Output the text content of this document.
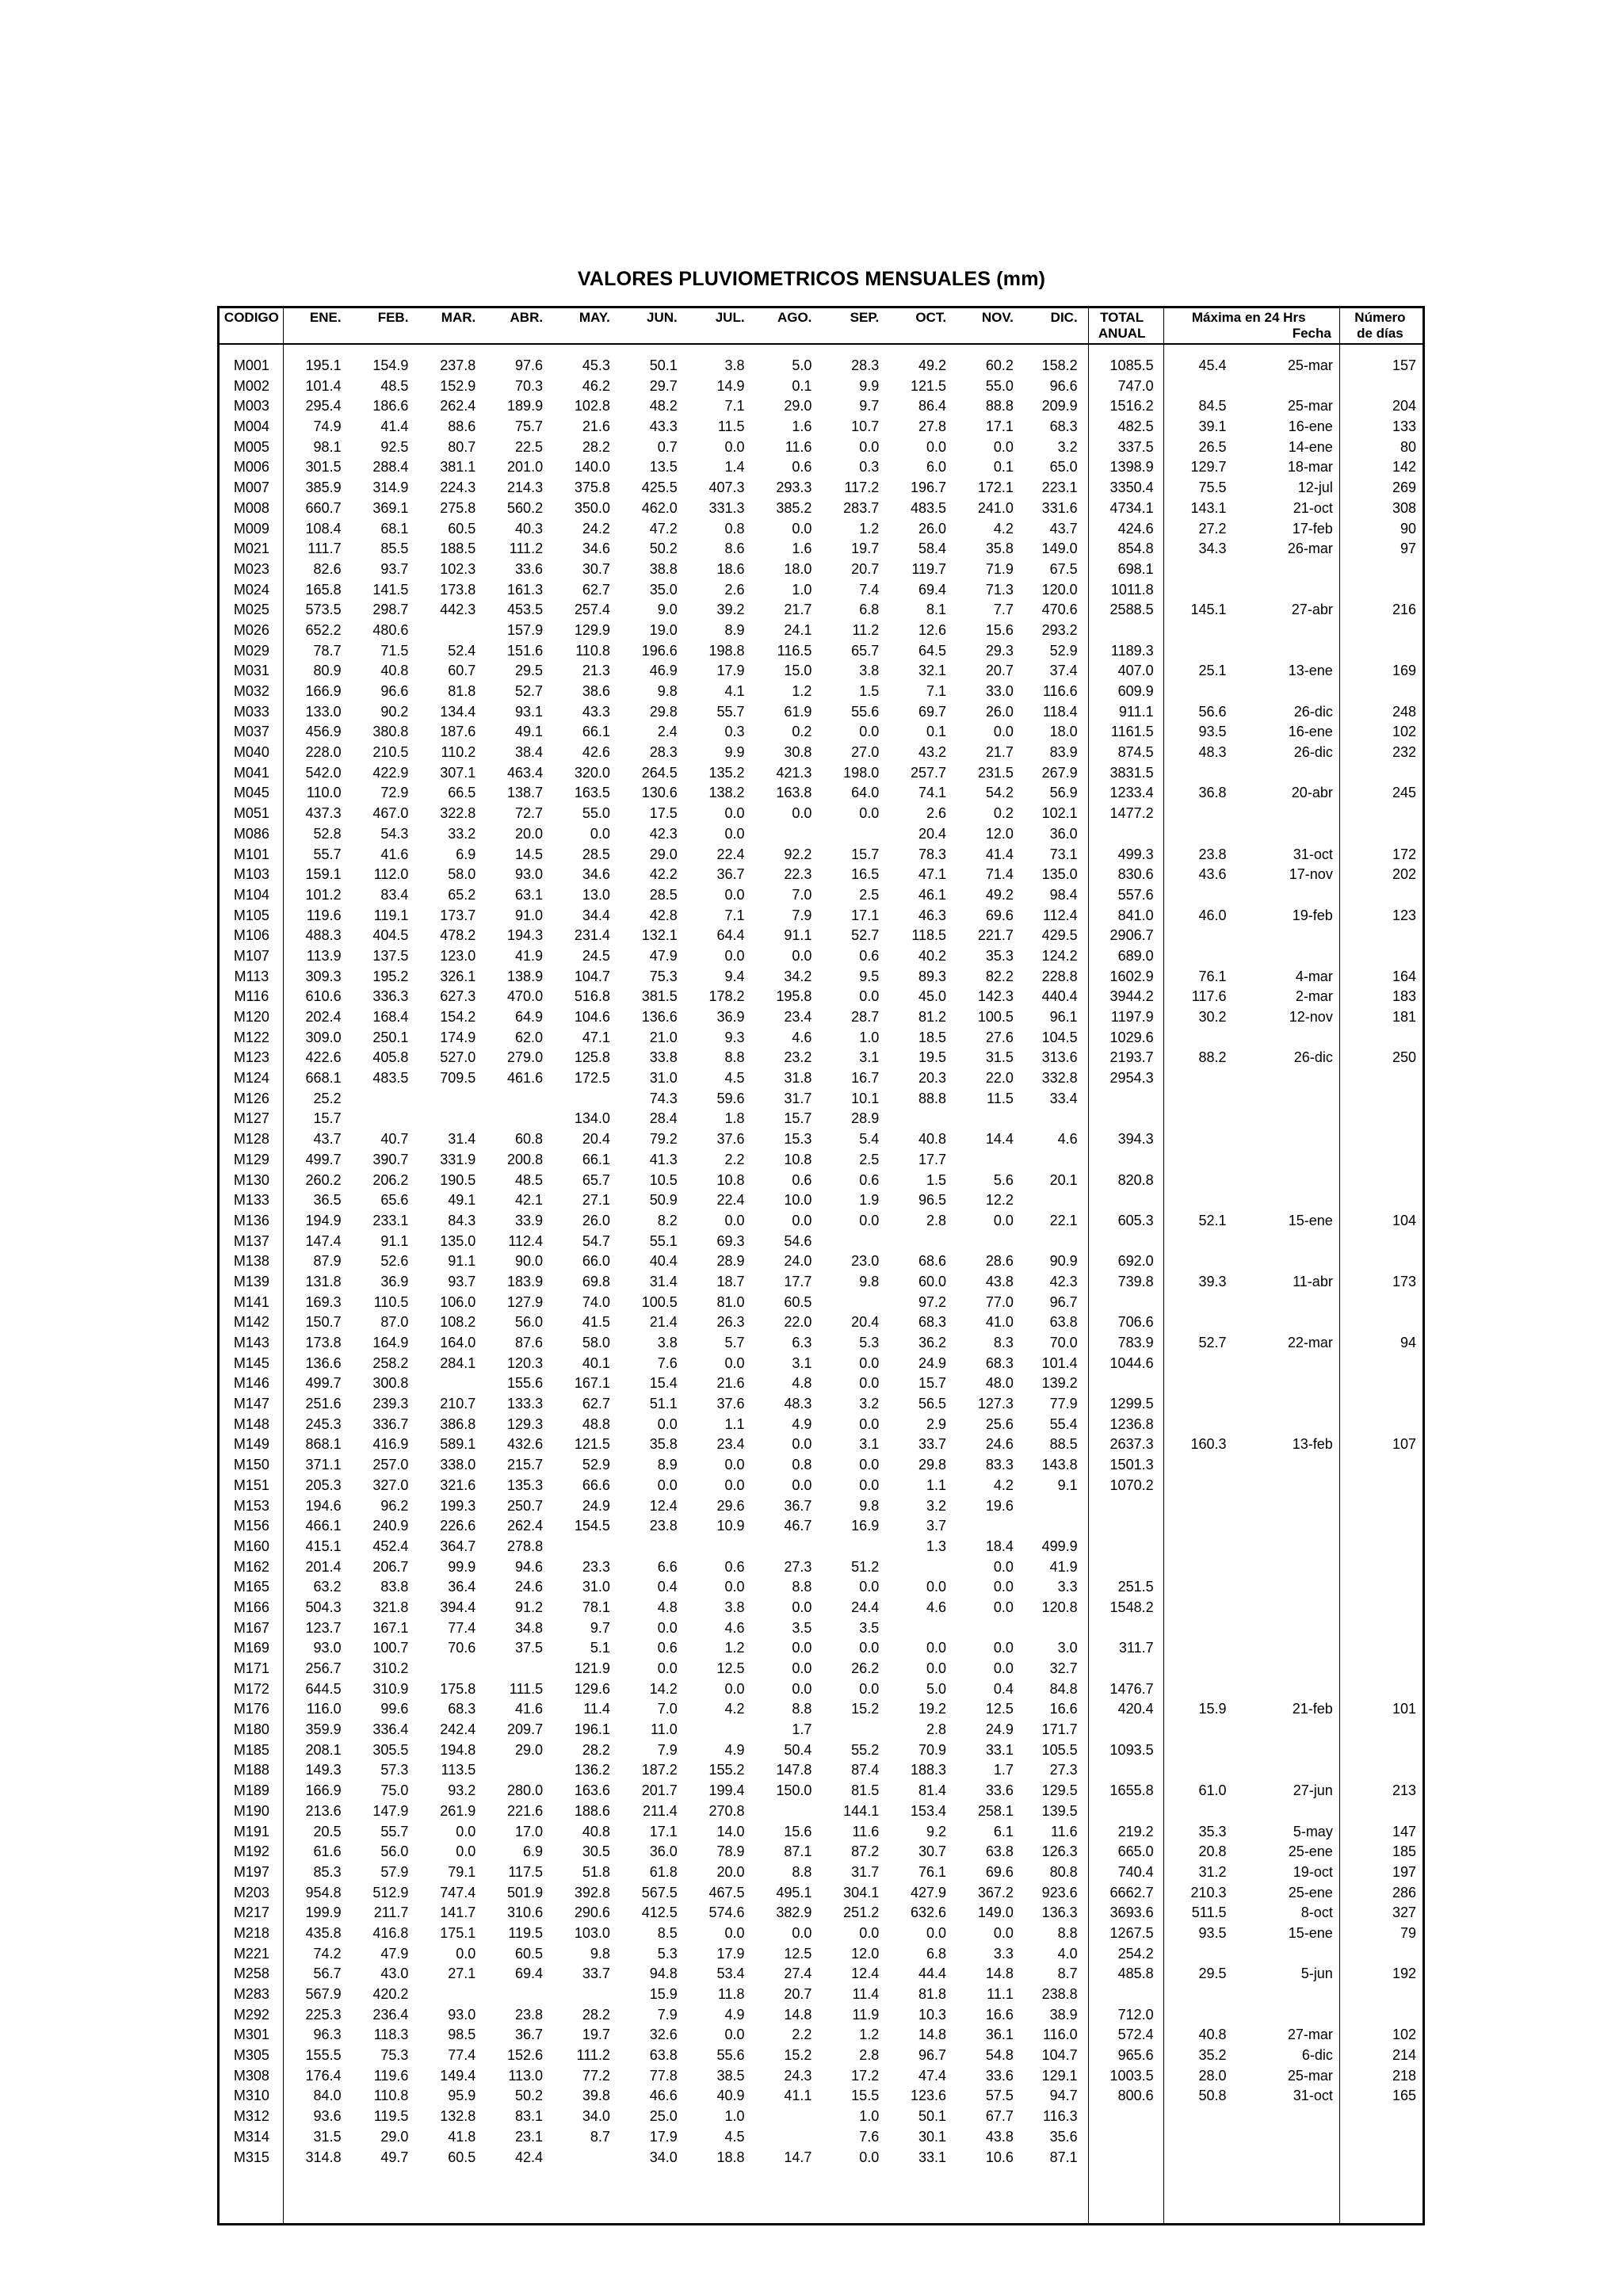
VALORES PLUVIOMETRICOS MENSUALES (mm)
CODIGO	ENE.	FEB.	MAR.	ABR.	MAY.	JUN.	JUL.	AGO.	SEP.	OCT.	NOV.	DIC.	TOTAL	Máxima en 24 Hrs		Número
													ANUAL		Fecha	de días

M001	195.1	154.9	237.8	97.6	45.3	50.1	3.8	5.0	28.3	49.2	60.2	158.2	1085.5	45.4	25-mar	157
M002	101.4	48.5	152.9	70.3	46.2	29.7	14.9	0.1	9.9	121.5	55.0	96.6	747.0			
M003	295.4	186.6	262.4	189.9	102.8	48.2	7.1	29.0	9.7	86.4	88.8	209.9	1516.2	84.5	25-mar	204
M004	74.9	41.4	88.6	75.7	21.6	43.3	11.5	1.6	10.7	27.8	17.1	68.3	482.5	39.1	16-ene	133
M005	98.1	92.5	80.7	22.5	28.2	0.7	0.0	11.6	0.0	0.0	0.0	3.2	337.5	26.5	14-ene	80
M006	301.5	288.4	381.1	201.0	140.0	13.5	1.4	0.6	0.3	6.0	0.1	65.0	1398.9	129.7	18-mar	142
M007	385.9	314.9	224.3	214.3	375.8	425.5	407.3	293.3	117.2	196.7	172.1	223.1	3350.4	75.5	12-jul	269
M008	660.7	369.1	275.8	560.2	350.0	462.0	331.3	385.2	283.7	483.5	241.0	331.6	4734.1	143.1	21-oct	308
M009	108.4	68.1	60.5	40.3	24.2	47.2	0.8	0.0	1.2	26.0	4.2	43.7	424.6	27.2	17-feb	90
M021	111.7	85.5	188.5	111.2	34.6	50.2	8.6	1.6	19.7	58.4	35.8	149.0	854.8	34.3	26-mar	97
M023	82.6	93.7	102.3	33.6	30.7	38.8	18.6	18.0	20.7	119.7	71.9	67.5	698.1			
M024	165.8	141.5	173.8	161.3	62.7	35.0	2.6	1.0	7.4	69.4	71.3	120.0	1011.8			
M025	573.5	298.7	442.3	453.5	257.4	9.0	39.2	21.7	6.8	8.1	7.7	470.6	2588.5	145.1	27-abr	216
M026	652.2	480.6		157.9	129.9	19.0	8.9	24.1	11.2	12.6	15.6	293.2				
M029	78.7	71.5	52.4	151.6	110.8	196.6	198.8	116.5	65.7	64.5	29.3	52.9	1189.3			
M031	80.9	40.8	60.7	29.5	21.3	46.9	17.9	15.0	3.8	32.1	20.7	37.4	407.0	25.1	13-ene	169
M032	166.9	96.6	81.8	52.7	38.6	9.8	4.1	1.2	1.5	7.1	33.0	116.6	609.9			
M033	133.0	90.2	134.4	93.1	43.3	29.8	55.7	61.9	55.6	69.7	26.0	118.4	911.1	56.6	26-dic	248
M037	456.9	380.8	187.6	49.1	66.1	2.4	0.3	0.2	0.0	0.1	0.0	18.0	1161.5	93.5	16-ene	102
M040	228.0	210.5	110.2	38.4	42.6	28.3	9.9	30.8	27.0	43.2	21.7	83.9	874.5	48.3	26-dic	232
M041	542.0	422.9	307.1	463.4	320.0	264.5	135.2	421.3	198.0	257.7	231.5	267.9	3831.5			
M045	110.0	72.9	66.5	138.7	163.5	130.6	138.2	163.8	64.0	74.1	54.2	56.9	1233.4	36.8	20-abr	245
M051	437.3	467.0	322.8	72.7	55.0	17.5	0.0	0.0	0.0	2.6	0.2	102.1	1477.2			
M086	52.8	54.3	33.2	20.0	0.0	42.3	0.0			20.4	12.0	36.0				
M101	55.7	41.6	6.9	14.5	28.5	29.0	22.4	92.2	15.7	78.3	41.4	73.1	499.3	23.8	31-oct	172
M103	159.1	112.0	58.0	93.0	34.6	42.2	36.7	22.3	16.5	47.1	71.4	135.0	830.6	43.6	17-nov	202
M104	101.2	83.4	65.2	63.1	13.0	28.5	0.0	7.0	2.5	46.1	49.2	98.4	557.6			
M105	119.6	119.1	173.7	91.0	34.4	42.8	7.1	7.9	17.1	46.3	69.6	112.4	841.0	46.0	19-feb	123
M106	488.3	404.5	478.2	194.3	231.4	132.1	64.4	91.1	52.7	118.5	221.7	429.5	2906.7			
M107	113.9	137.5	123.0	41.9	24.5	47.9	0.0	0.0	0.6	40.2	35.3	124.2	689.0			
M113	309.3	195.2	326.1	138.9	104.7	75.3	9.4	34.2	9.5	89.3	82.2	228.8	1602.9	76.1	4-mar	164
M116	610.6	336.3	627.3	470.0	516.8	381.5	178.2	195.8	0.0	45.0	142.3	440.4	3944.2	117.6	2-mar	183
M120	202.4	168.4	154.2	64.9	104.6	136.6	36.9	23.4	28.7	81.2	100.5	96.1	1197.9	30.2	12-nov	181
M122	309.0	250.1	174.9	62.0	47.1	21.0	9.3	4.6	1.0	18.5	27.6	104.5	1029.6			
M123	422.6	405.8	527.0	279.0	125.8	33.8	8.8	23.2	3.1	19.5	31.5	313.6	2193.7	88.2	26-dic	250
M124	668.1	483.5	709.5	461.6	172.5	31.0	4.5	31.8	16.7	20.3	22.0	332.8	2954.3			
M126	25.2					74.3	59.6	31.7	10.1	88.8	11.5	33.4				
M127	15.7				134.0	28.4	1.8	15.7	28.9							
M128	43.7	40.7	31.4	60.8	20.4	79.2	37.6	15.3	5.4	40.8	14.4	4.6	394.3			
M129	499.7	390.7	331.9	200.8	66.1	41.3	2.2	10.8	2.5	17.7						
M130	260.2	206.2	190.5	48.5	65.7	10.5	10.8	0.6	0.6	1.5	5.6	20.1	820.8			
M133	36.5	65.6	49.1	42.1	27.1	50.9	22.4	10.0	1.9	96.5	12.2					
M136	194.9	233.1	84.3	33.9	26.0	8.2	0.0	0.0	0.0	2.8	0.0	22.1	605.3	52.1	15-ene	104
M137	147.4	91.1	135.0	112.4	54.7	55.1	69.3	54.6								
M138	87.9	52.6	91.1	90.0	66.0	40.4	28.9	24.0	23.0	68.6	28.6	90.9	692.0			
M139	131.8	36.9	93.7	183.9	69.8	31.4	18.7	17.7	9.8	60.0	43.8	42.3	739.8	39.3	11-abr	173
M141	169.3	110.5	106.0	127.9	74.0	100.5	81.0	60.5		97.2	77.0	96.7				
M142	150.7	87.0	108.2	56.0	41.5	21.4	26.3	22.0	20.4	68.3	41.0	63.8	706.6			
M143	173.8	164.9	164.0	87.6	58.0	3.8	5.7	6.3	5.3	36.2	8.3	70.0	783.9	52.7	22-mar	94
M145	136.6	258.2	284.1	120.3	40.1	7.6	0.0	3.1	0.0	24.9	68.3	101.4	1044.6			
M146	499.7	300.8		155.6	167.1	15.4	21.6	4.8	0.0	15.7	48.0	139.2				
M147	251.6	239.3	210.7	133.3	62.7	51.1	37.6	48.3	3.2	56.5	127.3	77.9	1299.5			
M148	245.3	336.7	386.8	129.3	48.8	0.0	1.1	4.9	0.0	2.9	25.6	55.4	1236.8			
M149	868.1	416.9	589.1	432.6	121.5	35.8	23.4	0.0	3.1	33.7	24.6	88.5	2637.3	160.3	13-feb	107
M150	371.1	257.0	338.0	215.7	52.9	8.9	0.0	0.8	0.0	29.8	83.3	143.8	1501.3			
M151	205.3	327.0	321.6	135.3	66.6	0.0	0.0	0.0	0.0	1.1	4.2	9.1	1070.2			
M153	194.6	96.2	199.3	250.7	24.9	12.4	29.6	36.7	9.8	3.2	19.6					
M156	466.1	240.9	226.6	262.4	154.5	23.8	10.9	46.7	16.9	3.7						
M160	415.1	452.4	364.7	278.8						1.3	18.4	499.9				
M162	201.4	206.7	99.9	94.6	23.3	6.6	0.6	27.3	51.2		0.0	41.9				
M165	63.2	83.8	36.4	24.6	31.0	0.4	0.0	8.8	0.0	0.0	0.0	3.3	251.5			
M166	504.3	321.8	394.4	91.2	78.1	4.8	3.8	0.0	24.4	4.6	0.0	120.8	1548.2			
M167	123.7	167.1	77.4	34.8	9.7	0.0	4.6	3.5	3.5							
M169	93.0	100.7	70.6	37.5	5.1	0.6	1.2	0.0	0.0	0.0	0.0	3.0	311.7			
M171	256.7	310.2			121.9	0.0	12.5	0.0	26.2	0.0	0.0	32.7				
M172	644.5	310.9	175.8	111.5	129.6	14.2	0.0	0.0	0.0	5.0	0.4	84.8	1476.7			
M176	116.0	99.6	68.3	41.6	11.4	7.0	4.2	8.8	15.2	19.2	12.5	16.6	420.4	15.9	21-feb	101
M180	359.9	336.4	242.4	209.7	196.1	11.0		1.7		2.8	24.9	171.7				
M185	208.1	305.5	194.8	29.0	28.2	7.9	4.9	50.4	55.2	70.9	33.1	105.5	1093.5			
M188	149.3	57.3	113.5		136.2	187.2	155.2	147.8	87.4	188.3	1.7	27.3				
M189	166.9	75.0	93.2	280.0	163.6	201.7	199.4	150.0	81.5	81.4	33.6	129.5	1655.8	61.0	27-jun	213
M190	213.6	147.9	261.9	221.6	188.6	211.4	270.8		144.1	153.4	258.1	139.5				
M191	20.5	55.7	0.0	17.0	40.8	17.1	14.0	15.6	11.6	9.2	6.1	11.6	219.2	35.3	5-may	147
M192	61.6	56.0	0.0	6.9	30.5	36.0	78.9	87.1	87.2	30.7	63.8	126.3	665.0	20.8	25-ene	185
M197	85.3	57.9	79.1	117.5	51.8	61.8	20.0	8.8	31.7	76.1	69.6	80.8	740.4	31.2	19-oct	197
M203	954.8	512.9	747.4	501.9	392.8	567.5	467.5	495.1	304.1	427.9	367.2	923.6	6662.7	210.3	25-ene	286
M217	199.9	211.7	141.7	310.6	290.6	412.5	574.6	382.9	251.2	632.6	149.0	136.3	3693.6	511.5	8-oct	327
M218	435.8	416.8	175.1	119.5	103.0	8.5	0.0	0.0	0.0	0.0	0.0	8.8	1267.5	93.5	15-ene	79
M221	74.2	47.9	0.0	60.5	9.8	5.3	17.9	12.5	12.0	6.8	3.3	4.0	254.2			
M258	56.7	43.0	27.1	69.4	33.7	94.8	53.4	27.4	12.4	44.4	14.8	8.7	485.8	29.5	5-jun	192
M283	567.9	420.2				15.9	11.8	20.7	11.4	81.8	11.1	238.8				
M292	225.3	236.4	93.0	23.8	28.2	7.9	4.9	14.8	11.9	10.3	16.6	38.9	712.0			
M301	96.3	118.3	98.5	36.7	19.7	32.6	0.0	2.2	1.2	14.8	36.1	116.0	572.4	40.8	27-mar	102
M305	155.5	75.3	77.4	152.6	111.2	63.8	55.6	15.2	2.8	96.7	54.8	104.7	965.6	35.2	6-dic	214
M308	176.4	119.6	149.4	113.0	77.2	77.8	38.5	24.3	17.2	47.4	33.6	129.1	1003.5	28.0	25-mar	218
M310	84.0	110.8	95.9	50.2	39.8	46.6	40.9	41.1	15.5	123.6	57.5	94.7	800.6	50.8	31-oct	165
M312	93.6	119.5	132.8	83.1	34.0	25.0	1.0		1.0	50.1	67.7	116.3				
M314	31.5	29.0	41.8	23.1	8.7	17.9	4.5		7.6	30.1	43.8	35.6				
M315	314.8	49.7	60.5	42.4		34.0	18.8	14.7	0.0	33.1	10.6	87.1				
